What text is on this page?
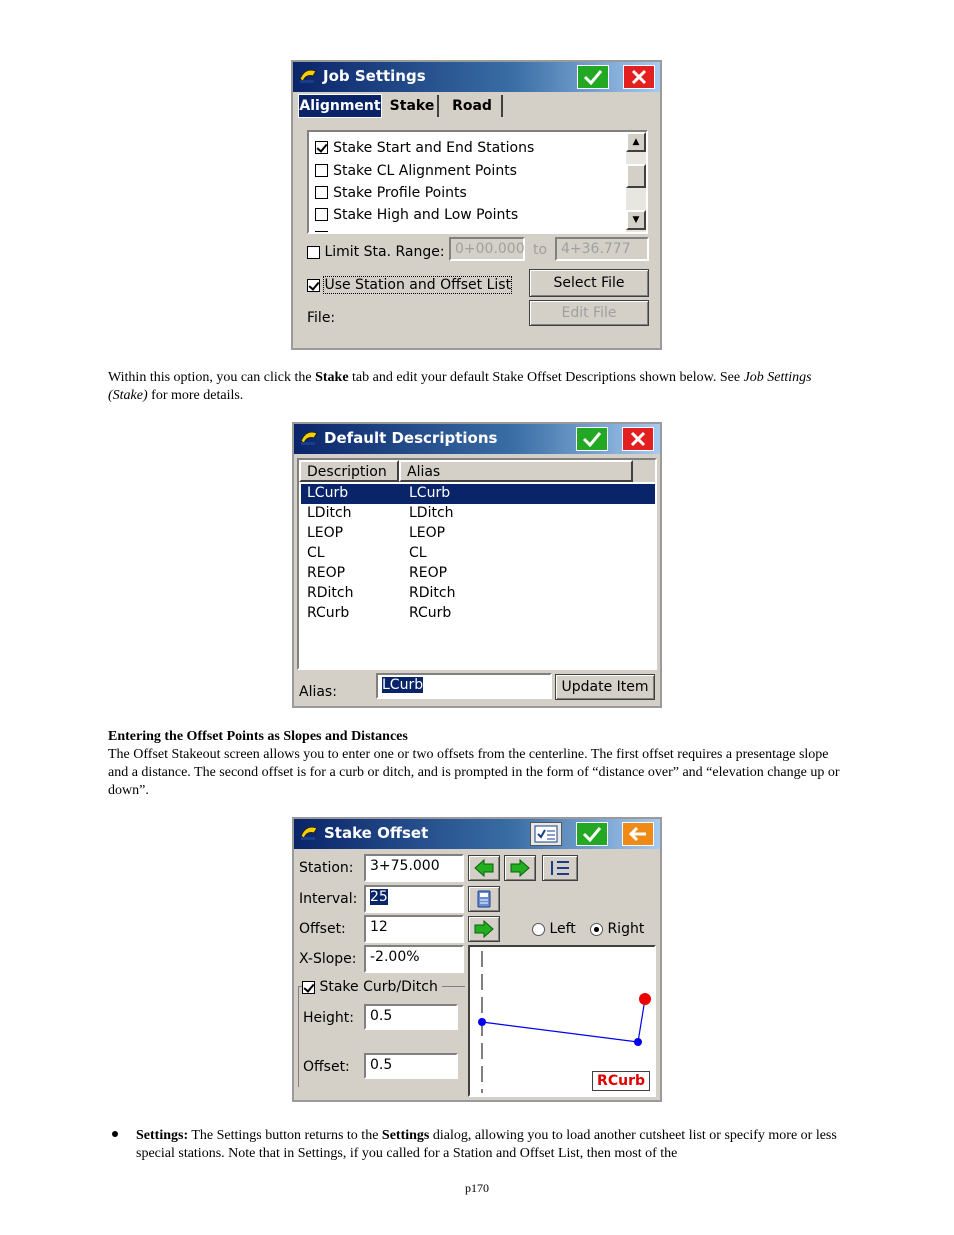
Job Settings
Alignment Stake Road
Stake Start and End Stations
Stake CL Alignment Points
Stake Profile Points
Stake High and Low Points
▲
▼
Limit Sta. Range: 0+00.000 to 4+36.777
Use Station and Offset List	Select File
Edit File
File:
Within this option, you can click the Stake tab and edit your default Stake Offset Descriptions shown below. See Job Settings (Stake) for more details.
Default Descriptions
Description	Alias
LCurb	LCurb
LDitch	LDitch
LEOP	LEOP
CL	CL
REOP	REOP
RDitch	RDitch
RCurb	RCurb
Alias:	LCurb	Update Item
Entering the Offset Points as Slopes and Distances
The Offset Stakeout screen allows you to enter one or two offsets from the centerline. The first offset requires a presentage slope and a distance. The second offset is for a curb or ditch, and is prompted in the form of “distance over” and “elevation change up or down”.
Stake Offset
Station:	3+75.000
Interval: 25
Offset:	12	Left	Right
X-Slope: -2.00%
Stake Curb/Ditch
Height:	0.5
Offset:	0.5
RCurb
Settings: The Settings button returns to the Settings dialog, allowing you to load another cutsheet list or specify more or less special stations. Note that in Settings, if you called for a Station and Offset List, then most of the
p170
